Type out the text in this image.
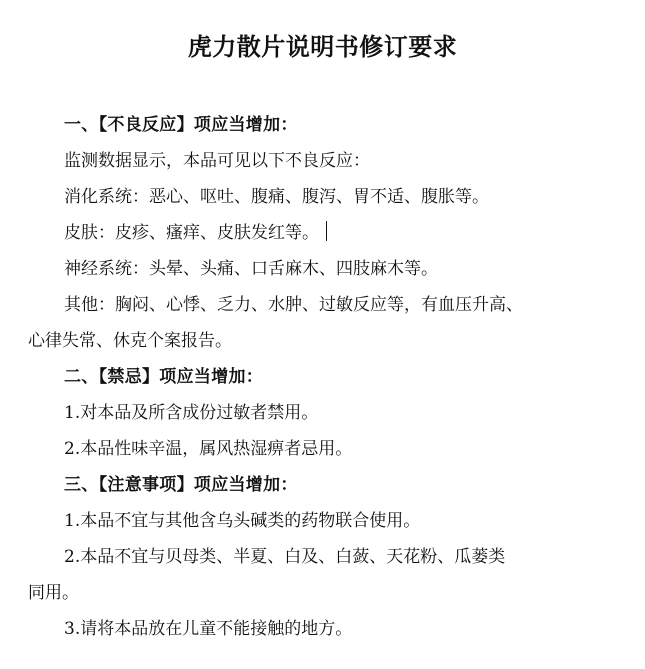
虎力散片说明书修订要求

一、【不良反应】项应当增加：

监测数据显示，本品可见以下不良反应：

消化系统：恶心、呕吐、腹痛、腹泻、胃不适、腹胀等。

皮肤：皮疹、瘙痒、皮肤发红等。

神经系统：头晕、头痛、口舌麻木、四肢麻木等。

其他：胸闷、心悸、乏力、水肿、过敏反应等，有血压升高、

心律失常、休克个案报告。

二、【禁忌】项应当增加：

1.对本品及所含成份过敏者禁用。

2.本品性味辛温，属风热湿痹者忌用。

三、【注意事项】项应当增加：

1.本品不宜与其他含乌头碱类的药物联合使用。

2.本品不宜与贝母类、半夏、白及、白蔹、天花粉、瓜蒌类

同用。

3.请将本品放在儿童不能接触的地方。
